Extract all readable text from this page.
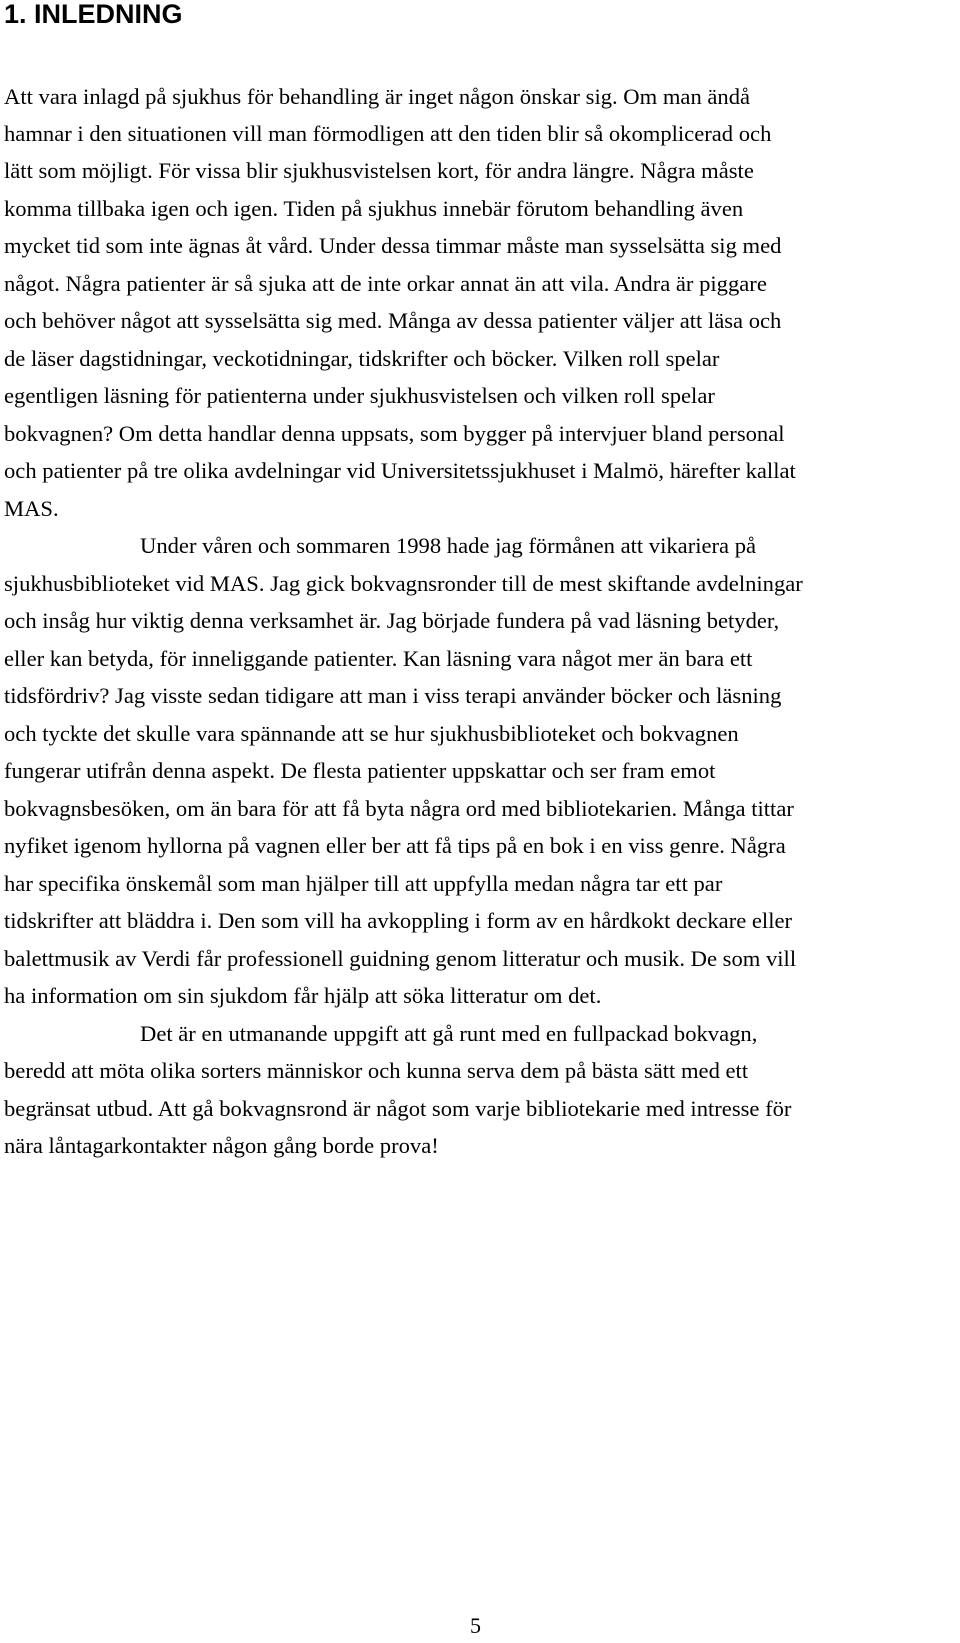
1. INLEDNING
Att vara inlagd på sjukhus för behandling är inget någon önskar sig. Om man ändå
hamnar i den situationen vill man förmodligen att den tiden blir så okomplicerad och
lätt som möjligt. För vissa blir sjukhusvistelsen kort, för andra längre. Några måste
komma tillbaka igen och igen. Tiden på sjukhus innebär förutom behandling även
mycket tid som inte ägnas åt vård. Under dessa timmar måste man sysselsätta sig med
något. Några patienter är så sjuka att de inte orkar annat än att vila. Andra är piggare
och behöver något att sysselsätta sig med. Många av dessa patienter väljer att läsa och
de läser dagstidningar, veckotidningar, tidskrifter och böcker. Vilken roll spelar
egentligen läsning för patienterna under sjukhusvistelsen och vilken roll spelar
bokvagnen? Om detta handlar denna uppsats, som bygger på intervjuer bland personal
och patienter på tre olika avdelningar vid Universitetssjukhuset i Malmö, härefter kallat
MAS.
Under våren och sommaren 1998 hade jag förmånen att vikariera på
sjukhusbiblioteket vid MAS. Jag gick bokvagnsronder till de mest skiftande avdelningar
och insåg hur viktig denna verksamhet är. Jag började fundera på vad läsning betyder,
eller kan betyda, för inneliggande patienter. Kan läsning vara något mer än bara ett
tidsfördriv? Jag visste sedan tidigare att man i viss terapi använder böcker och läsning
och tyckte det skulle vara spännande att se hur sjukhusbiblioteket och bokvagnen
fungerar utifrån denna aspekt. De flesta patienter uppskattar och ser fram emot
bokvagnsbesöken, om än bara för att få byta några ord med bibliotekarien. Många tittar
nyfiket igenom hyllorna på vagnen eller ber att få tips på en bok i en viss genre. Några
har specifika önskemål som man hjälper till att uppfylla medan några tar ett par
tidskrifter att bläddra i. Den som vill ha avkoppling i form av en hårdkokt deckare eller
balettmusik av Verdi får professionell guidning genom litteratur och musik. De som vill
ha information om sin sjukdom får hjälp att söka litteratur om det.
Det är en utmanande uppgift att gå runt med en fullpackad bokvagn,
beredd att möta olika sorters människor och kunna serva dem på bästa sätt med ett
begränsat utbud. Att gå bokvagnsrond är något som varje bibliotekarie med intresse för
nära låntagarkontakter någon gång borde prova!
5
